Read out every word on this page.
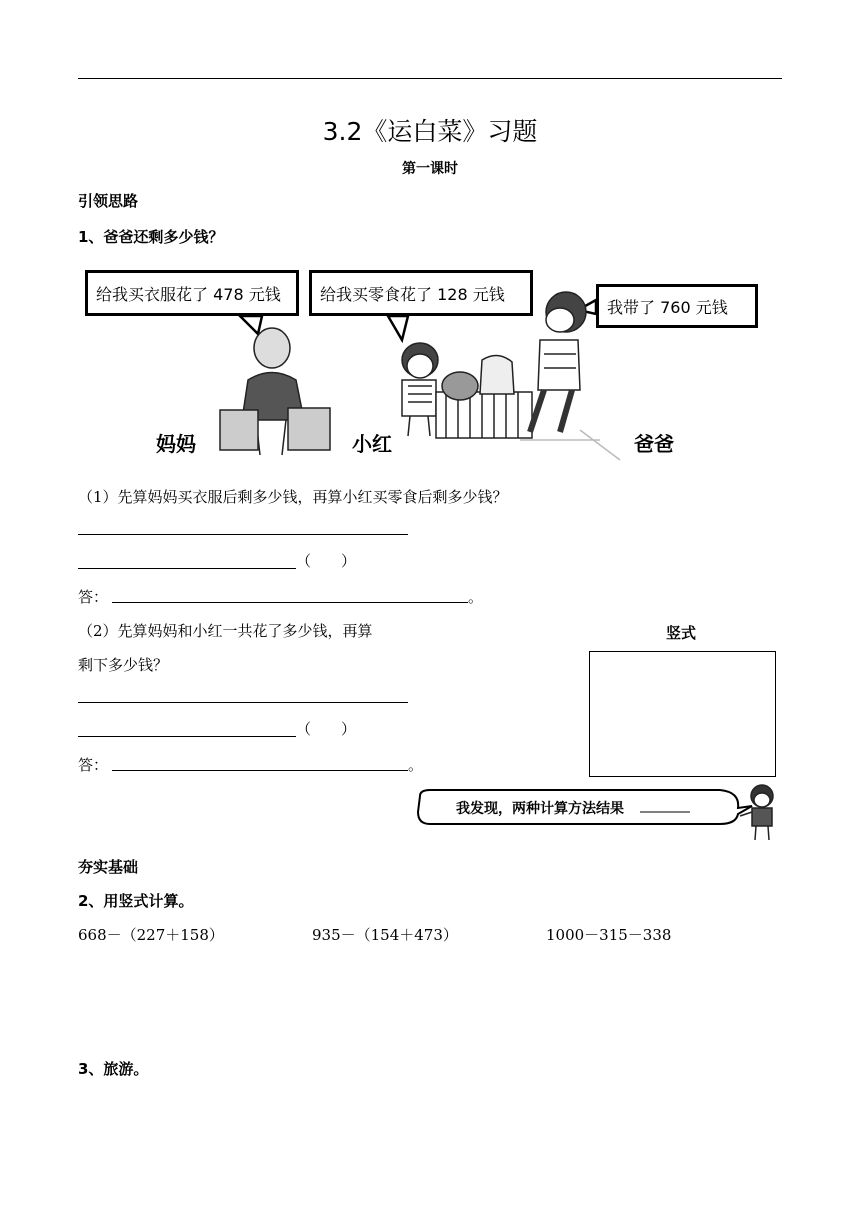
3.2《运白菜》习题
第一课时
引领思路
1、爸爸还剩多少钱？
给我买衣服花了 478 元钱	给我买零食花了 128 元钱
我带了 760 元钱
妈妈	小红	爸爸
（1）先算妈妈买衣服后剩多少钱，再算小红买零食后剩多少钱？
（　　）
答：	。
（2）先算妈妈和小红一共花了多少钱，再算
剩下多少钱？
（　　）
答：	。
竖式
我发现，两种计算方法结果
夯实基础
2、用竖式计算。
668－（227＋158）	935－（154＋473）	1000－315－338
3、旅游。
